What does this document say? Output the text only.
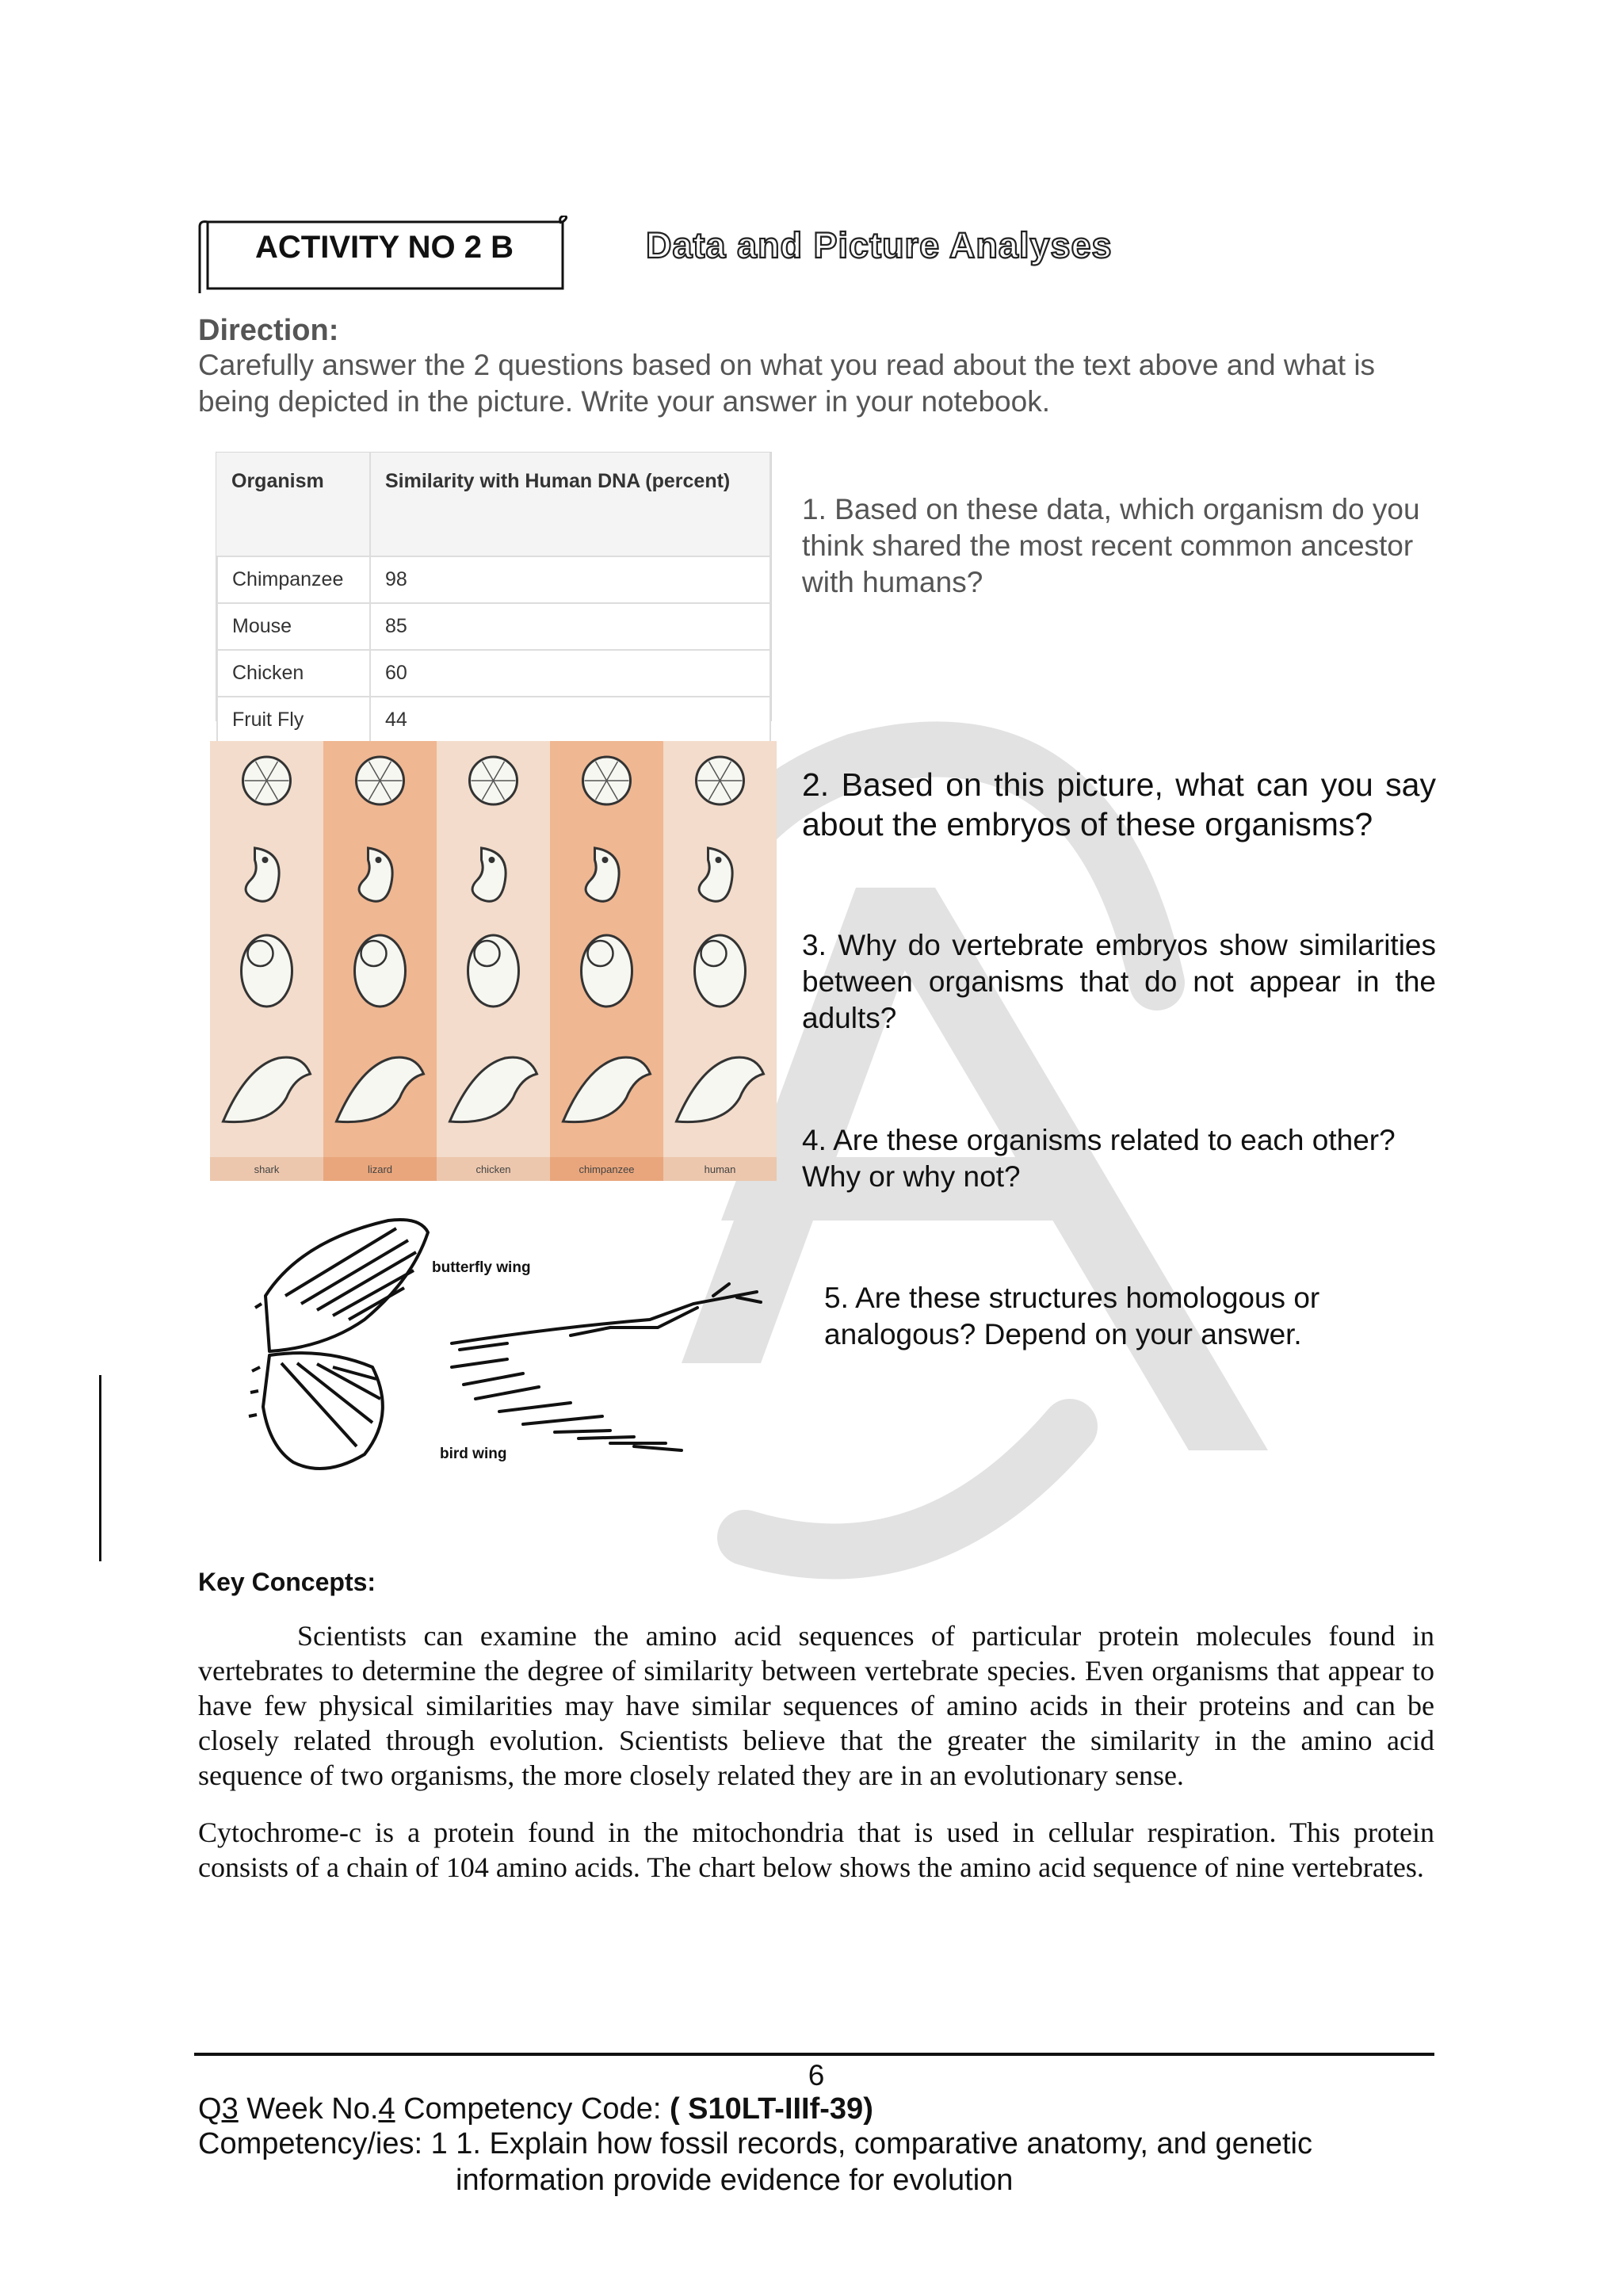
ACTIVITY NO 2 B	Data and Picture Analyses
Direction:
Carefully answer the 2 questions based on what you read about the text above and what is being depicted in the picture. Write your answer in your notebook.
Organism	Similarity with Human DNA (percent)
Chimpanzee	98
Mouse	85
Chicken	60
Fruit Fly	44
1. Based on these data, which organism do you think shared the most recent common ancestor with humans?
2. Based on this picture, what can you say about the embryos of these organisms?
3. Why do vertebrate embryos show similarities between organisms that do not appear in the adults?
4. Are these organisms related to each other?
Why or why not?
5. Are these structures homologous or analogous? Depend on your answer.
shark	lizard	chicken	chimpanzee	human
butterfly wing
bird wing
Key Concepts:
Scientists can examine the amino acid sequences of particular protein molecules found in vertebrates to determine the degree of similarity between vertebrate species. Even organisms that appear to have few physical similarities may have similar sequences of amino acids in their proteins and can be closely related through evolution. Scientists believe that the greater the similarity in the amino acid sequence of two organisms, the more closely related they are in an evolutionary sense.
Cytochrome-c is a protein found in the mitochondria that is used in cellular respiration. This protein consists of a chain of 104 amino acids. The chart below shows the amino acid sequence of nine vertebrates.
6
Q3 Week No.4 Competency Code: ( S10LT-IIIf-39)
Competency/ies: 1 1. Explain how fossil records, comparative anatomy, and genetic
information provide evidence for evolution
